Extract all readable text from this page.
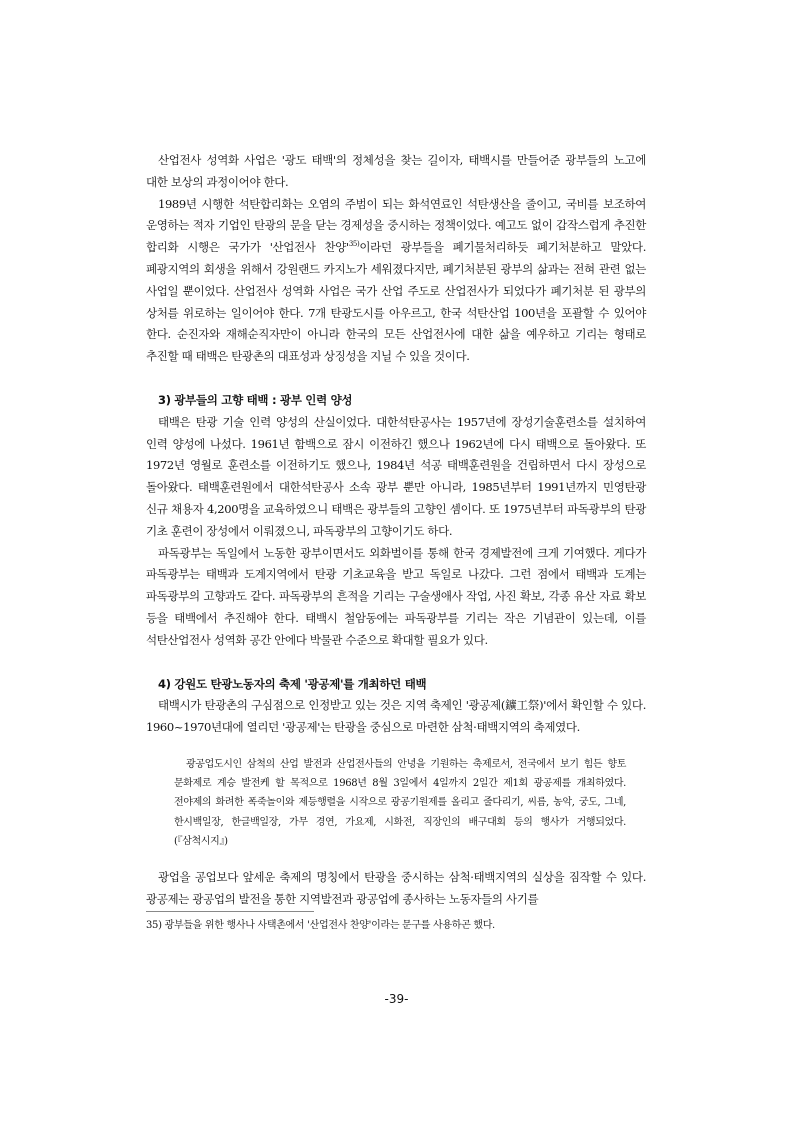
산업전사 성역화 사업은 '광도 태백'의 정체성을 찾는 길이자, 태백시를 만들어준 광부들의 노고에 대한 보상의 과정이어야 한다.

1989년 시행한 석탄합리화는 오염의 주범이 되는 화석연료인 석탄생산을 줄이고, 국비를 보조하여 운영하는 적자 기업인 탄광의 문을 닫는 경제성을 중시하는 정책이었다. 예고도 없이 갑작스럽게 추진한 합리화 시행은 국가가 '산업전사 찬양'$^{35)}$이라던 광부들을 폐기물처리하듯 폐기처분하고 말았다. 폐광지역의 회생을 위해서 강원랜드 카지노가 세워졌다지만, 폐기처분된 광부의 삶과는 전혀 관련 없는 사업일 뿐이었다. 산업전사 성역화 사업은 국가 산업 주도로 산업전사가 되었다가 폐기처분 된 광부의 상처를 위로하는 일이어야 한다. 7개 탄광도시를 아우르고, 한국 석탄산업 100년을 포괄할 수 있어야 한다. 순진자와 재해순직자만이 아니라 한국의 모든 산업전사에 대한 삶을 예우하고 기리는 형태로 추진할 때 태백은 탄광촌의 대표성과 상징성을 지닐 수 있을 것이다.

3) 광부들의 고향 태백 : 광부 인력 양성

태백은 탄광 기술 인력 양성의 산실이었다. 대한석탄공사는 1957년에 장성기술훈련소를 설치하여 인력 양성에 나섰다. 1961년 함백으로 잠시 이전하긴 했으나 1962년에 다시 태백으로 돌아왔다. 또 1972년 영월로 훈련소를 이전하기도 했으나, 1984년 석공 태백훈련원을 건립하면서 다시 장성으로 돌아왔다. 태백훈련원에서 대한석탄공사 소속 광부 뿐만 아니라, 1985년부터 1991년까지 민영탄광 신규 채용자 4,200명을 교육하였으니 태백은 광부들의 고향인 셈이다. 또 1975년부터 파독광부의 탄광 기초 훈련이 장성에서 이뤄졌으니, 파독광부의 고향이기도 하다.

파독광부는 독일에서 노동한 광부이면서도 외화벌이를 통해 한국 경제발전에 크게 기여했다. 게다가 파독광부는 태백과 도계지역에서 탄광 기초교육을 받고 독일로 나갔다. 그런 점에서 태백과 도계는 파독광부의 고향과도 같다. 파독광부의 흔적을 기리는 구술생애사 작업, 사진 확보, 각종 유산 자료 확보 등을 태백에서 추진해야 한다. 태백시 철암동에는 파독광부를 기리는 작은 기념관이 있는데, 이를 석탄산업전사 성역화 공간 안에다 박물관 수준으로 확대할 필요가 있다.

4) 강원도 탄광노동자의 축제 '광공제'를 개최하던 태백

태백시가 탄광촌의 구심점으로 인정받고 있는 것은 지역 축제인 '광공제(鑛工祭)'에서 확인할 수 있다. 1960~1970년대에 열리던 '광공제'는 탄광을 중심으로 마련한 삼척·태백지역의 축제였다.

광공업도시인 삼척의 산업 발전과 산업전사들의 안녕을 기원하는 축제로서, 전국에서 보기 힘든 향토 문화제로 계승 발전케 할 목적으로 1968년 8월 3일에서 4일까지 2일간 제1회 광공제를 개최하였다. 전야제의 화려한 폭죽놀이와 제등행렬을 시작으로 광공기원제를 올리고 줄다리기, 씨름, 농악, 궁도, 그네, 한시백일장, 한글백일장, 가무 경연, 가요제, 시화전, 직장인의 배구대회 등의 행사가 거행되었다.(『삼척시지』)

광업을 공업보다 앞세운 축제의 명칭에서 탄광을 중시하는 삼척·태백지역의 실상을 짐작할 수 있다. 광공제는 광공업의 발전을 통한 지역발전과 광공업에 종사하는 노동자들의 사기를

35) 광부들을 위한 행사나 사택촌에서 '산업전사 찬양'이라는 문구를 사용하곤 했다.
-39-
